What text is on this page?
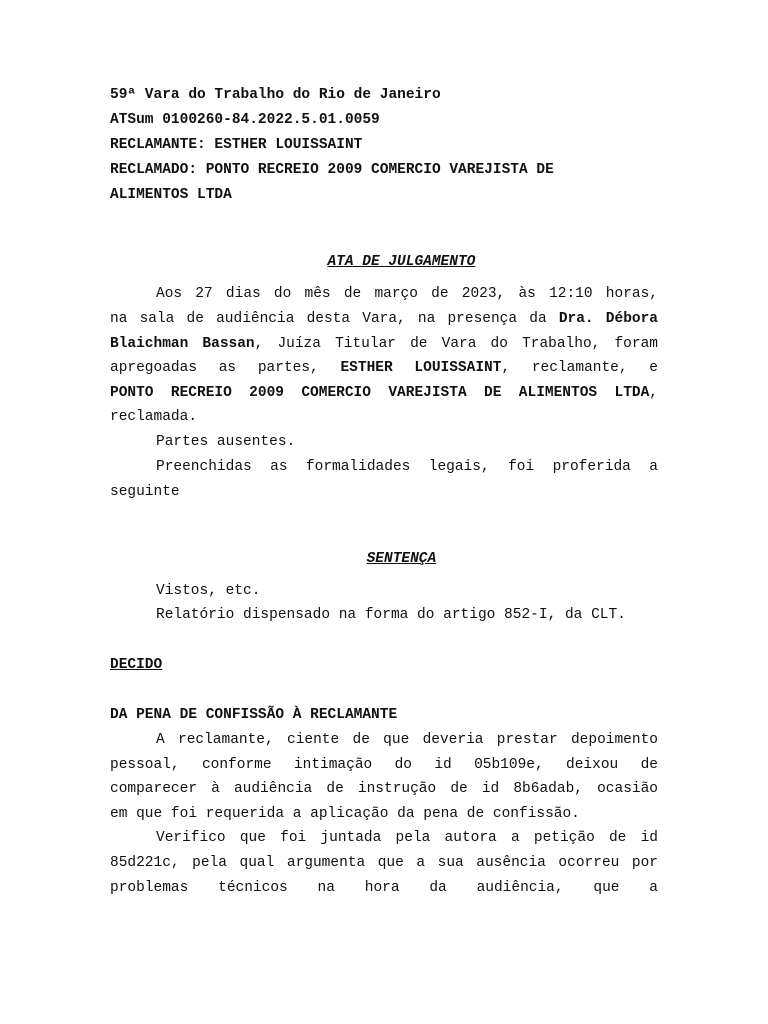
59ª Vara do Trabalho do Rio de Janeiro
ATSum 0100260-84.2022.5.01.0059
RECLAMANTE: ESTHER LOUISSAINT
RECLAMADO: PONTO RECREIO 2009 COMERCIO VAREJISTA DE
ALIMENTOS LTDA

ATA DE JULGAMENTO

Aos 27 dias do mês de março de 2023, às 12:10 horas,
na sala de audiência desta Vara, na presença da Dra. Débora
Blaichman Bassan, Juíza Titular de Vara do Trabalho, foram
apregoadas as partes, ESTHER LOUISSAINT, reclamante, e
PONTO RECREIO 2009 COMERCIO VAREJISTA DE ALIMENTOS LTDA,
reclamada.
Partes ausentes.
Preenchidas as formalidades legais, foi proferida a
seguinte

SENTENÇA

Vistos, etc.
Relatório dispensado na forma do artigo 852-I, da CLT.
DECIDO
DA PENA DE CONFISSÃO À RECLAMANTE
A reclamante, ciente de que deveria prestar depoimento
pessoal, conforme intimação do id 05b109e, deixou de
comparecer à audiência de instrução de id 8b6adab, ocasião
em que foi requerida a aplicação da pena de confissão.
Verifico que foi juntada pela autora a petição de id
85d221c, pela qual argumenta que a sua ausência ocorreu por
problemas técnicos na hora da audiência, que a
